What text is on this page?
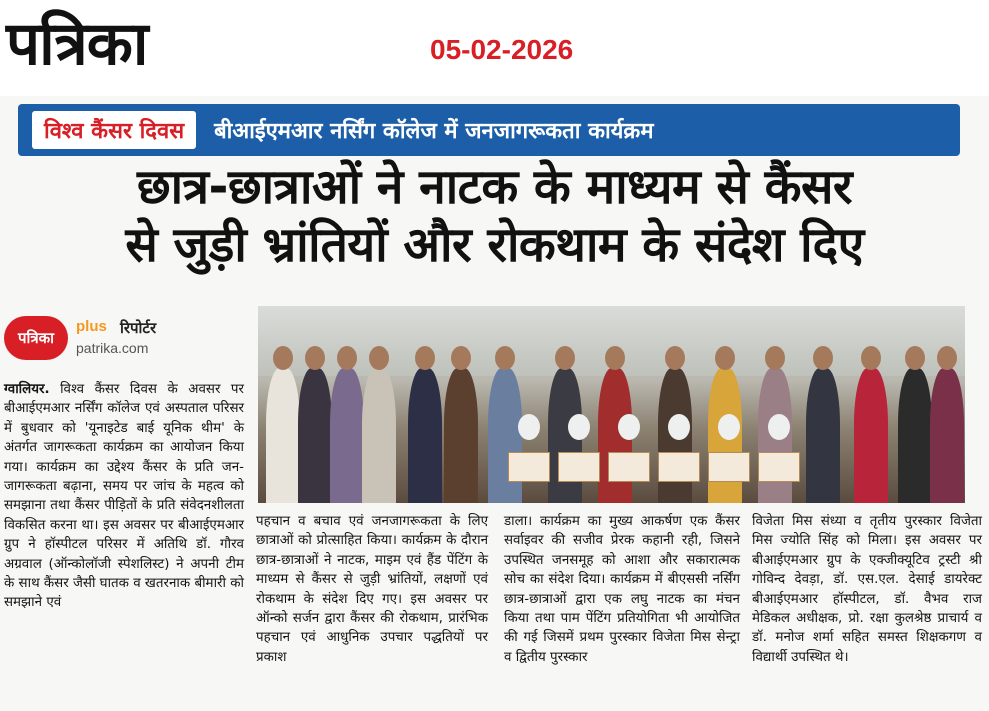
पत्रिका	05-02-2026
विश्व कैंसर दिवस	बीआईएमआर नर्सिंग कॉलेज में जनजागरूकता कार्यक्रम
छात्र-छात्राओं ने नाटक के माध्यम से कैंसर
से जुड़ी भ्रांतियों और रोकथाम के संदेश दिए
पत्रिका
plus रिपोर्टर
patrika.com
ग्वालियर. विश्व कैंसर दिवस के अवसर पर बीआईएमआर नर्सिंग कॉलेज एवं अस्पताल परिसर में बुधवार को 'यूनाइटेड बाई यूनिक थीम' के अंतर्गत जागरूकता कार्यक्रम का आयोजन किया गया। कार्यक्रम का उद्देश्य कैंसर के प्रति जन-जागरूकता बढ़ाना, समय पर जांच के महत्व को समझाना तथा कैंसर पीड़ितों के प्रति संवेदनशीलता विकसित करना था। इस अवसर पर बीआईएमआर ग्रुप ने हॉस्पीटल परिसर में अतिथि डॉ. गौरव अग्रवाल (ऑन्कोलॉजी स्पेशलिस्ट) ने अपनी टीम के साथ कैंसर जैसी घातक व खतरनाक बीमारी को समझाने एवं
पहचान व बचाव एवं जनजागरूकता के लिए छात्राओं को प्रोत्साहित किया। कार्यक्रम के दौरान छात्र-छात्राओं ने नाटक, माइम एवं हैंड पेंटिंग के माध्यम से कैंसर से जुड़ी भ्रांतियों, लक्षणों एवं रोकथाम के संदेश दिए गए। इस अवसर पर ऑन्को सर्जन द्वारा कैंसर की रोकथाम, प्रारंभिक पहचान एवं आधुनिक उपचार पद्धतियों पर प्रकाश
डाला। कार्यक्रम का मुख्य आकर्षण एक कैंसर सर्वाइवर की सजीव प्रेरक कहानी रही, जिसने उपस्थित जनसमूह को आशा और सकारात्मक सोच का संदेश दिया। कार्यक्रम में बीएससी नर्सिंग छात्र-छात्राओं द्वारा एक लघु नाटक का मंचन किया तथा पाम पेंटिंग प्रतियोगिता भी आयोजित की गई जिसमें प्रथम पुरस्कार विजेता मिस सेन्ट्रा व द्वितीय पुरस्कार
विजेता मिस संध्या व तृतीय पुरस्कार विजेता मिस ज्योति सिंह को मिला। इस अवसर पर बीआईएमआर ग्रुप के एक्जीक्यूटिव ट्रस्टी श्री गोविन्द देवड़ा, डॉ. एस.एल. देसाई डायरेक्ट बीआईएमआर हॉस्पीटल, डॉ. वैभव राज मेडिकल अधीक्षक, प्रो. रक्षा कुलश्रेष्ठ प्राचार्य व डॉ. मनोज शर्मा सहित समस्त शिक्षकगण व विद्यार्थी उपस्थित थे।
